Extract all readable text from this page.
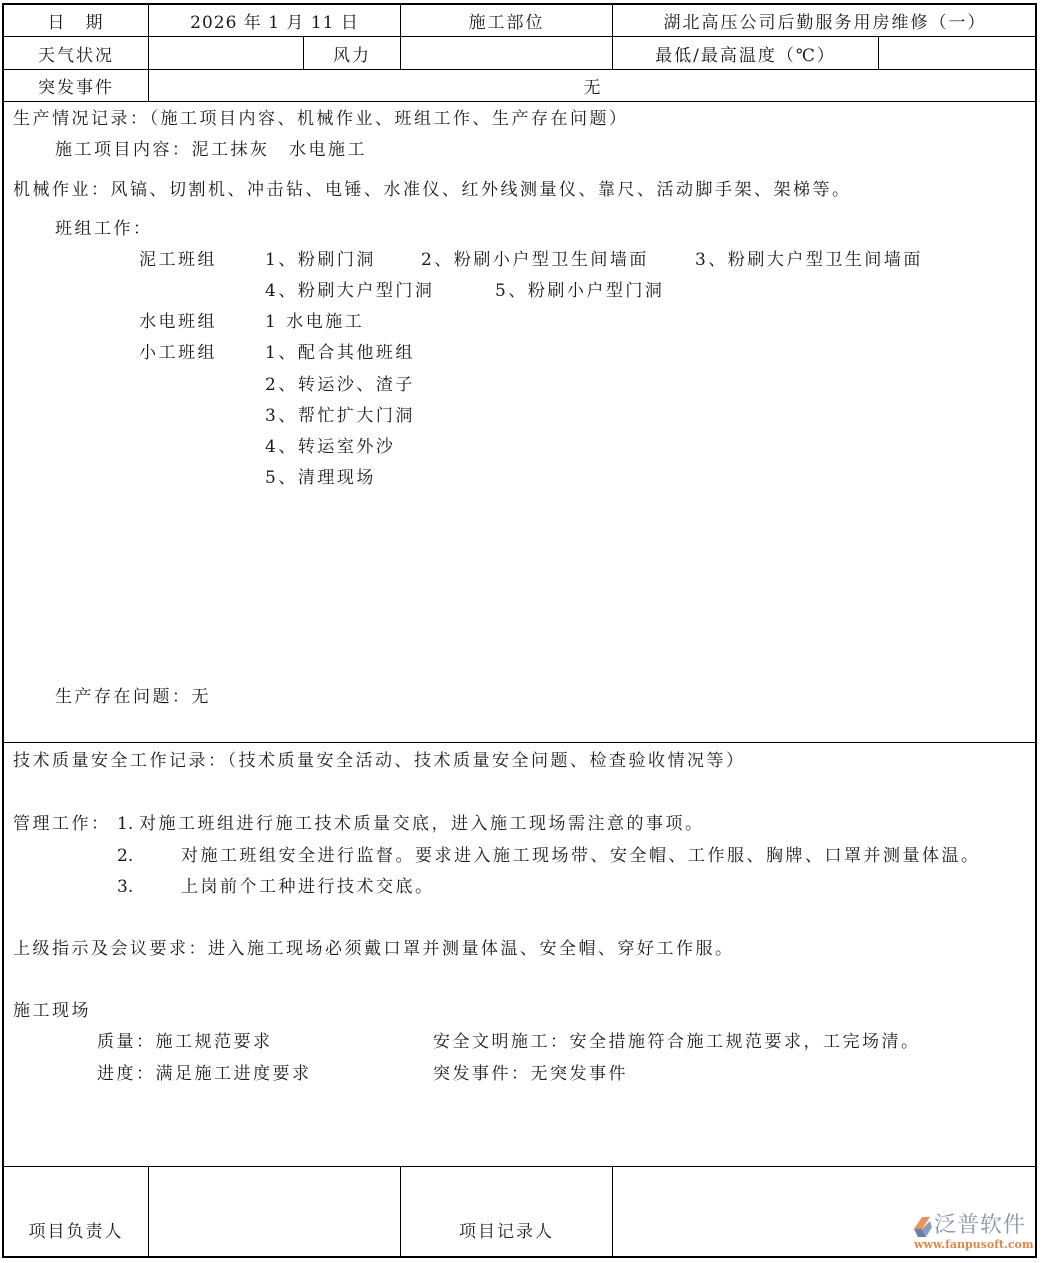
日　期	2026 年 1 月 11 日	施工部位	湖北高压公司后勤服务用房维修（一）
天气状况	风力	最低/最高温度（℃）
突发事件	无
生产情况记录：（施工项目内容、机械作业、班组工作、生产存在问题）
施工项目内容：泥工抹灰　水电施工
机械作业：风镐、切割机、冲击钻、电锤、水准仪、红外线测量仪、靠尺、活动脚手架、架梯等。
班组工作：
泥工班组	1、粉刷门洞	2、粉刷小户型卫生间墙面	3、粉刷大户型卫生间墙面
4、粉刷大户型门洞	5、粉刷小户型门洞
水电班组	1 水电施工
小工班组	1、配合其他班组
2、转运沙、渣子
3、帮忙扩大门洞
4、转运室外沙
5、清理现场
生产存在问题：无
技术质量安全工作记录：（技术质量安全活动、技术质量安全问题、检查验收情况等）
管理工作： 1. 对施工班组进行施工技术质量交底，进入施工现场需注意的事项。
2.	对施工班组安全进行监督。要求进入施工现场带、安全帽、工作服、胸牌、口罩并测量体温。
3.	上岗前个工种进行技术交底。
上级指示及会议要求：进入施工现场必须戴口罩并测量体温、安全帽、穿好工作服。
施工现场
质量：施工规范要求	安全文明施工：安全措施符合施工规范要求，工完场清。
进度：满足施工进度要求	突发事件：无突发事件
项目负责人	项目记录人	泛普软件
www.fanpusoft.com
